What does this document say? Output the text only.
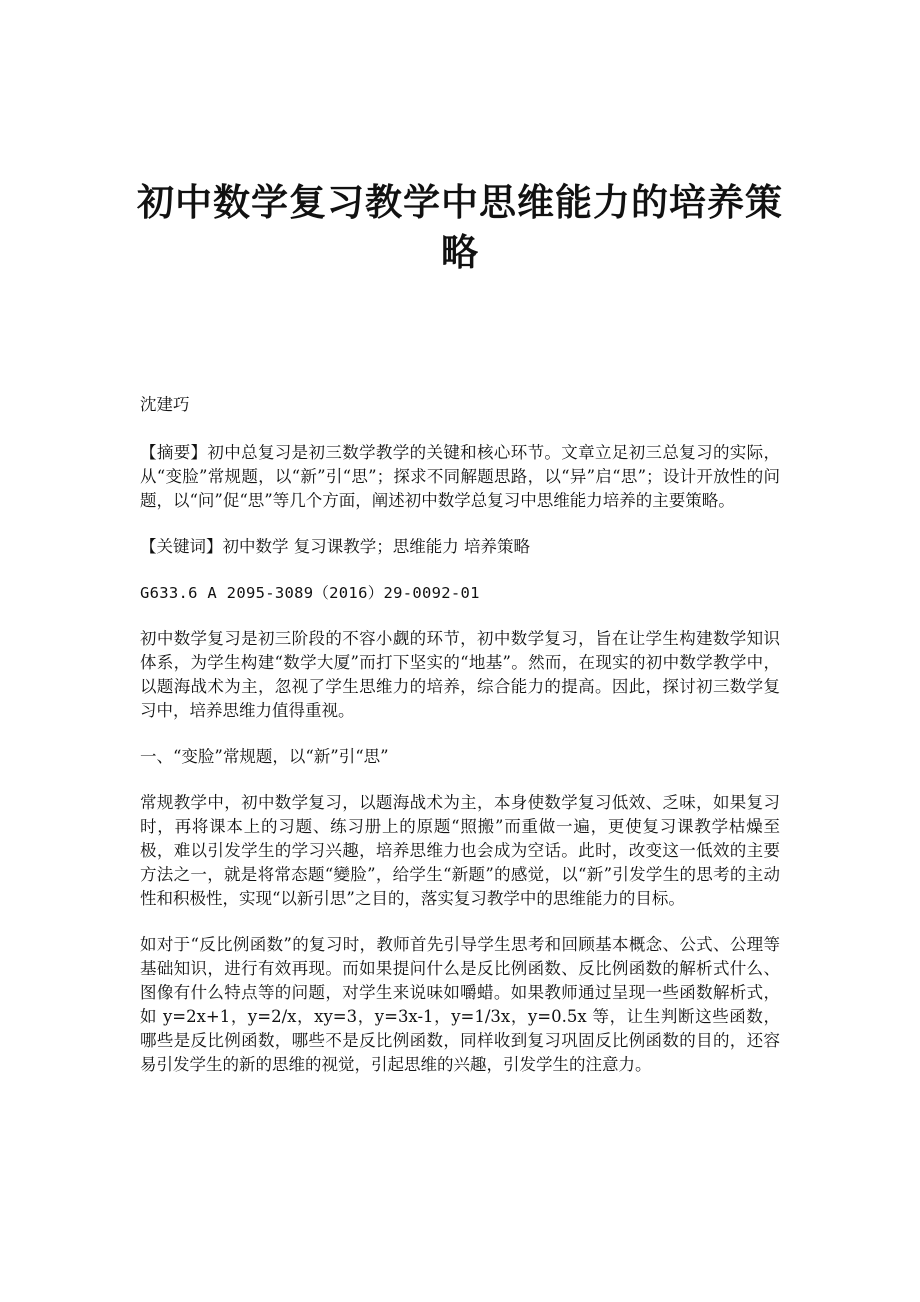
初中数学复习教学中思维能力的培养策略

沈建巧

【摘要】初中总复习是初三数学教学的关键和核心环节。文章立足初三总复习的实际，从“变脸”常规题，以“新”引“思”；探求不同解题思路，以“异”启“思”；设计开放性的问题，以“问”促“思”等几个方面，阐述初中数学总复习中思维能力培养的主要策略。

【关键词】初中数学 复习课教学；思维能力 培养策略

G633.6 A 2095-3089（2016）29-0092-01

初中数学复习是初三阶段的不容小觑的环节，初中数学复习，旨在让学生构建数学知识体系，为学生构建“数学大厦”而打下坚实的“地基”。然而，在现实的初中数学教学中，以题海战术为主，忽视了学生思维力的培养，综合能力的提高。因此，探讨初三数学复习中，培养思维力值得重视。

一、“变脸”常规题，以“新”引“思”

常规教学中，初中数学复习，以题海战术为主，本身使数学复习低效、乏味，如果复习时，再将课本上的习题、练习册上的原题“照搬”而重做一遍，更使复习课教学枯燥至极，难以引发学生的学习兴趣，培养思维力也会成为空话。此时，改变这一低效的主要方法之一，就是将常态题“變脸”，给学生“新题”的感觉，以“新”引发学生的思考的主动性和积极性，实现“以新引思”之目的，落实复习教学中的思维能力的目标。

如对于“反比例函数”的复习时，教师首先引导学生思考和回顾基本概念、公式、公理等基础知识，进行有效再现。而如果提问什么是反比例函数、反比例函数的解析式什么、图像有什么特点等的问题，对学生来说味如嚼蜡。如果教师通过呈现一些函数解析式，如 y=2x+1，y=2/x，xy=3，y=3x-1，y=1/3x，y=0.5x 等，让生判断这些函数，哪些是反比例函数，哪些不是反比例函数，同样收到复习巩固反比例函数的目的，还容易引发学生的新的思维的视觉，引起思维的兴趣，引发学生的注意力。
